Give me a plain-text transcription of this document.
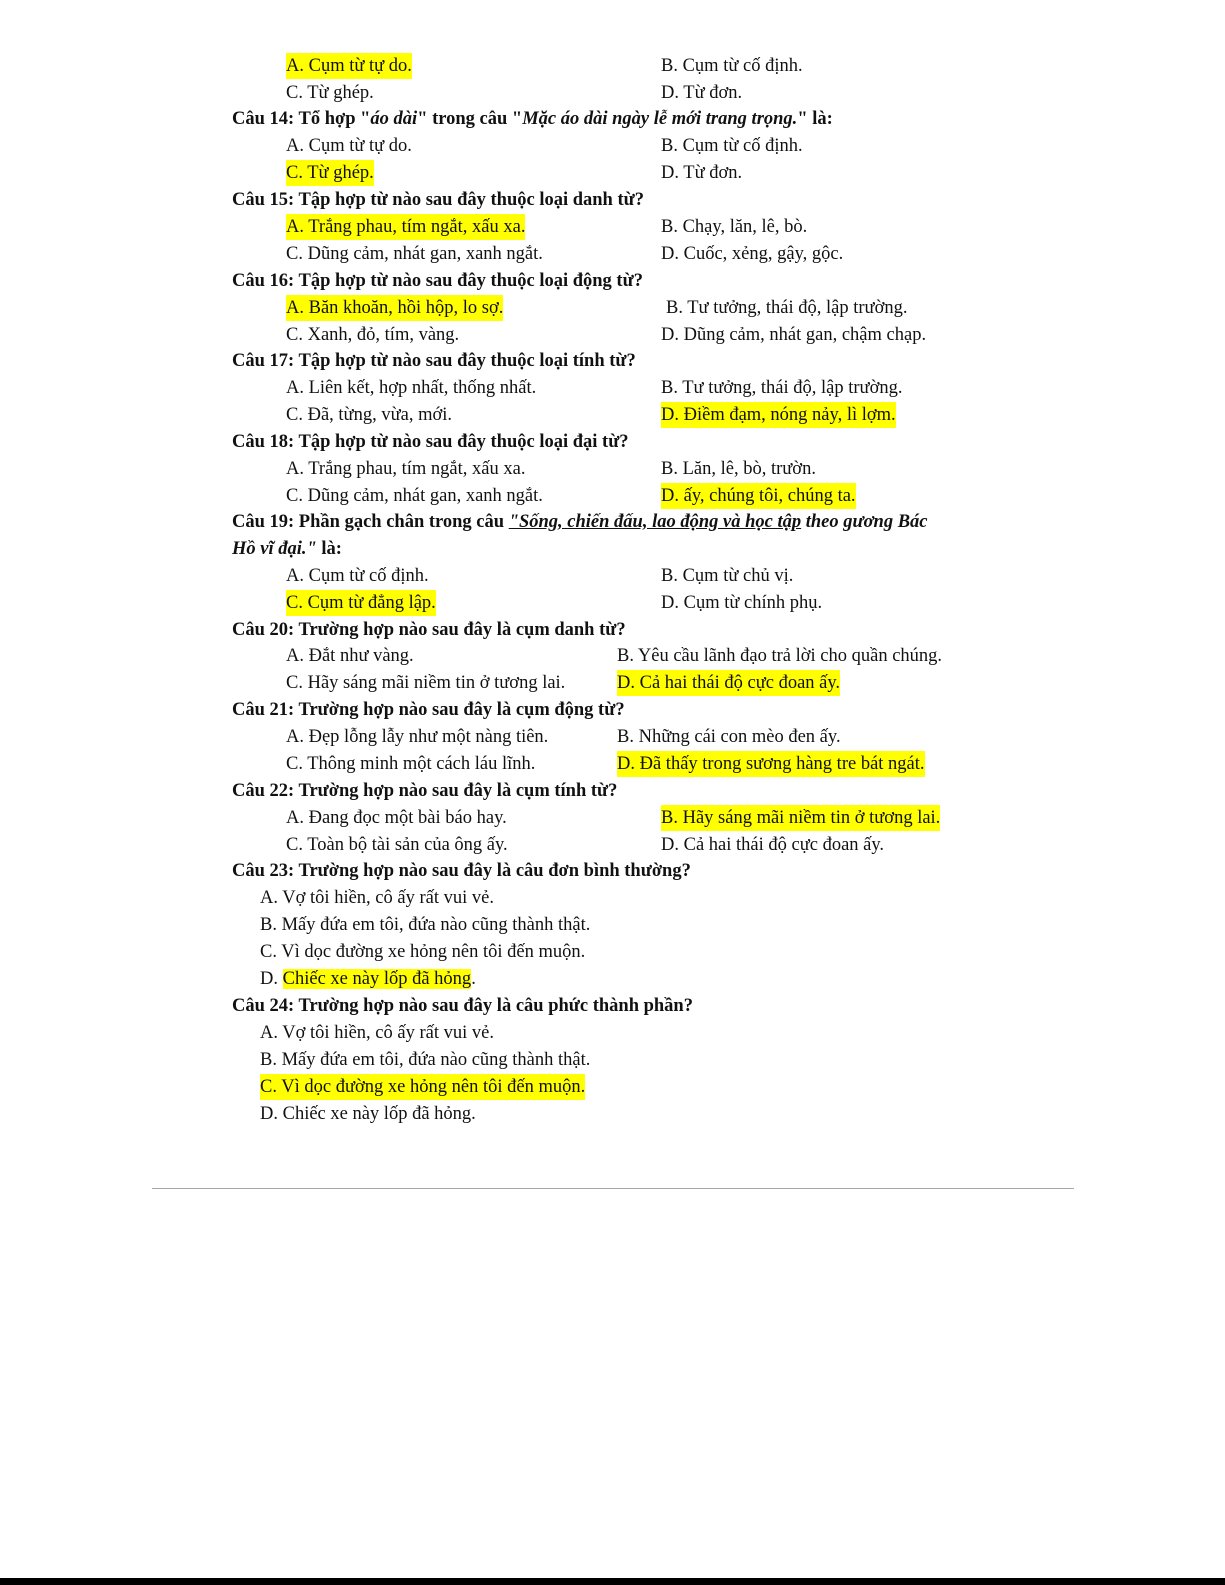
A. Cụm từ tự do.	B. Cụm từ cố định.
C. Từ ghép.	D. Từ đơn.
Câu 14: Tổ hợp "áo dài" trong câu "Mặc áo dài ngày lễ mới trang trọng." là:
A. Cụm từ tự do.	B. Cụm từ cố định.
C. Từ ghép.	D. Từ đơn.
Câu 15: Tập hợp từ nào sau đây thuộc loại danh từ?
A. Trắng phau, tím ngắt, xấu xa.	B. Chạy, lăn, lê, bò.
C. Dũng cảm, nhát gan, xanh ngắt.	D. Cuốc, xẻng, gậy, gộc.
Câu 16: Tập hợp từ nào sau đây thuộc loại động từ?
A. Băn khoăn, hồi hộp, lo sợ.	B. Tư tưởng, thái độ, lập trường.
C. Xanh, đỏ, tím, vàng.	D. Dũng cảm, nhát gan, chậm chạp.
Câu 17: Tập hợp từ nào sau đây thuộc loại tính từ?
A. Liên kết, hợp nhất, thống nhất.	B. Tư tưởng, thái độ, lập trường.
C. Đã, từng, vừa, mới.	D. Điềm đạm, nóng nảy, lì lợm.
Câu 18: Tập hợp từ nào sau đây thuộc loại đại từ?
A. Trắng phau, tím ngắt, xấu xa.	B. Lăn, lê, bò, trườn.
C. Dũng cảm, nhát gan, xanh ngắt.	D. ấy, chúng tôi, chúng ta.
Câu 19: Phần gạch chân trong câu "Sống, chiến đấu, lao động và học tập theo gương Bác
Hồ vĩ đại." là:
A. Cụm từ cố định.	B. Cụm từ chủ vị.
C. Cụm từ đẳng lập.	D. Cụm từ chính phụ.
Câu 20: Trường hợp nào sau đây là cụm danh từ?
A. Đắt như vàng.	B. Yêu cầu lãnh đạo trả lời cho quần chúng.
C. Hãy sáng mãi niềm tin ở tương lai.	D. Cả hai thái độ cực đoan ấy.
Câu 21: Trường hợp nào sau đây là cụm động từ?
A. Đẹp lỗng lẫy như một nàng tiên.	B. Những cái con mèo đen ấy.
C. Thông minh một cách láu lĩnh.	D. Đã thấy trong sương hàng tre bát ngát.
Câu 22: Trường hợp nào sau đây là cụm tính từ?
A. Đang đọc một bài báo hay.	B. Hãy sáng mãi niềm tin ở tương lai.
C. Toàn bộ tài sản của ông ấy.	D. Cả hai thái độ cực đoan ấy.
Câu 23: Trường hợp nào sau đây là câu đơn bình thường?
A. Vợ tôi hiền, cô ấy rất vui vẻ.
B. Mấy đứa em tôi, đứa nào cũng thành thật.
C. Vì dọc đường xe hỏng nên tôi đến muộn.
D. Chiếc xe này lốp đã hỏng.
Câu 24: Trường hợp nào sau đây là câu phức thành phần?
A. Vợ tôi hiền, cô ấy rất vui vẻ.
B. Mấy đứa em tôi, đứa nào cũng thành thật.
C. Vì dọc đường xe hỏng nên tôi đến muộn.
D. Chiếc xe này lốp đã hỏng.
